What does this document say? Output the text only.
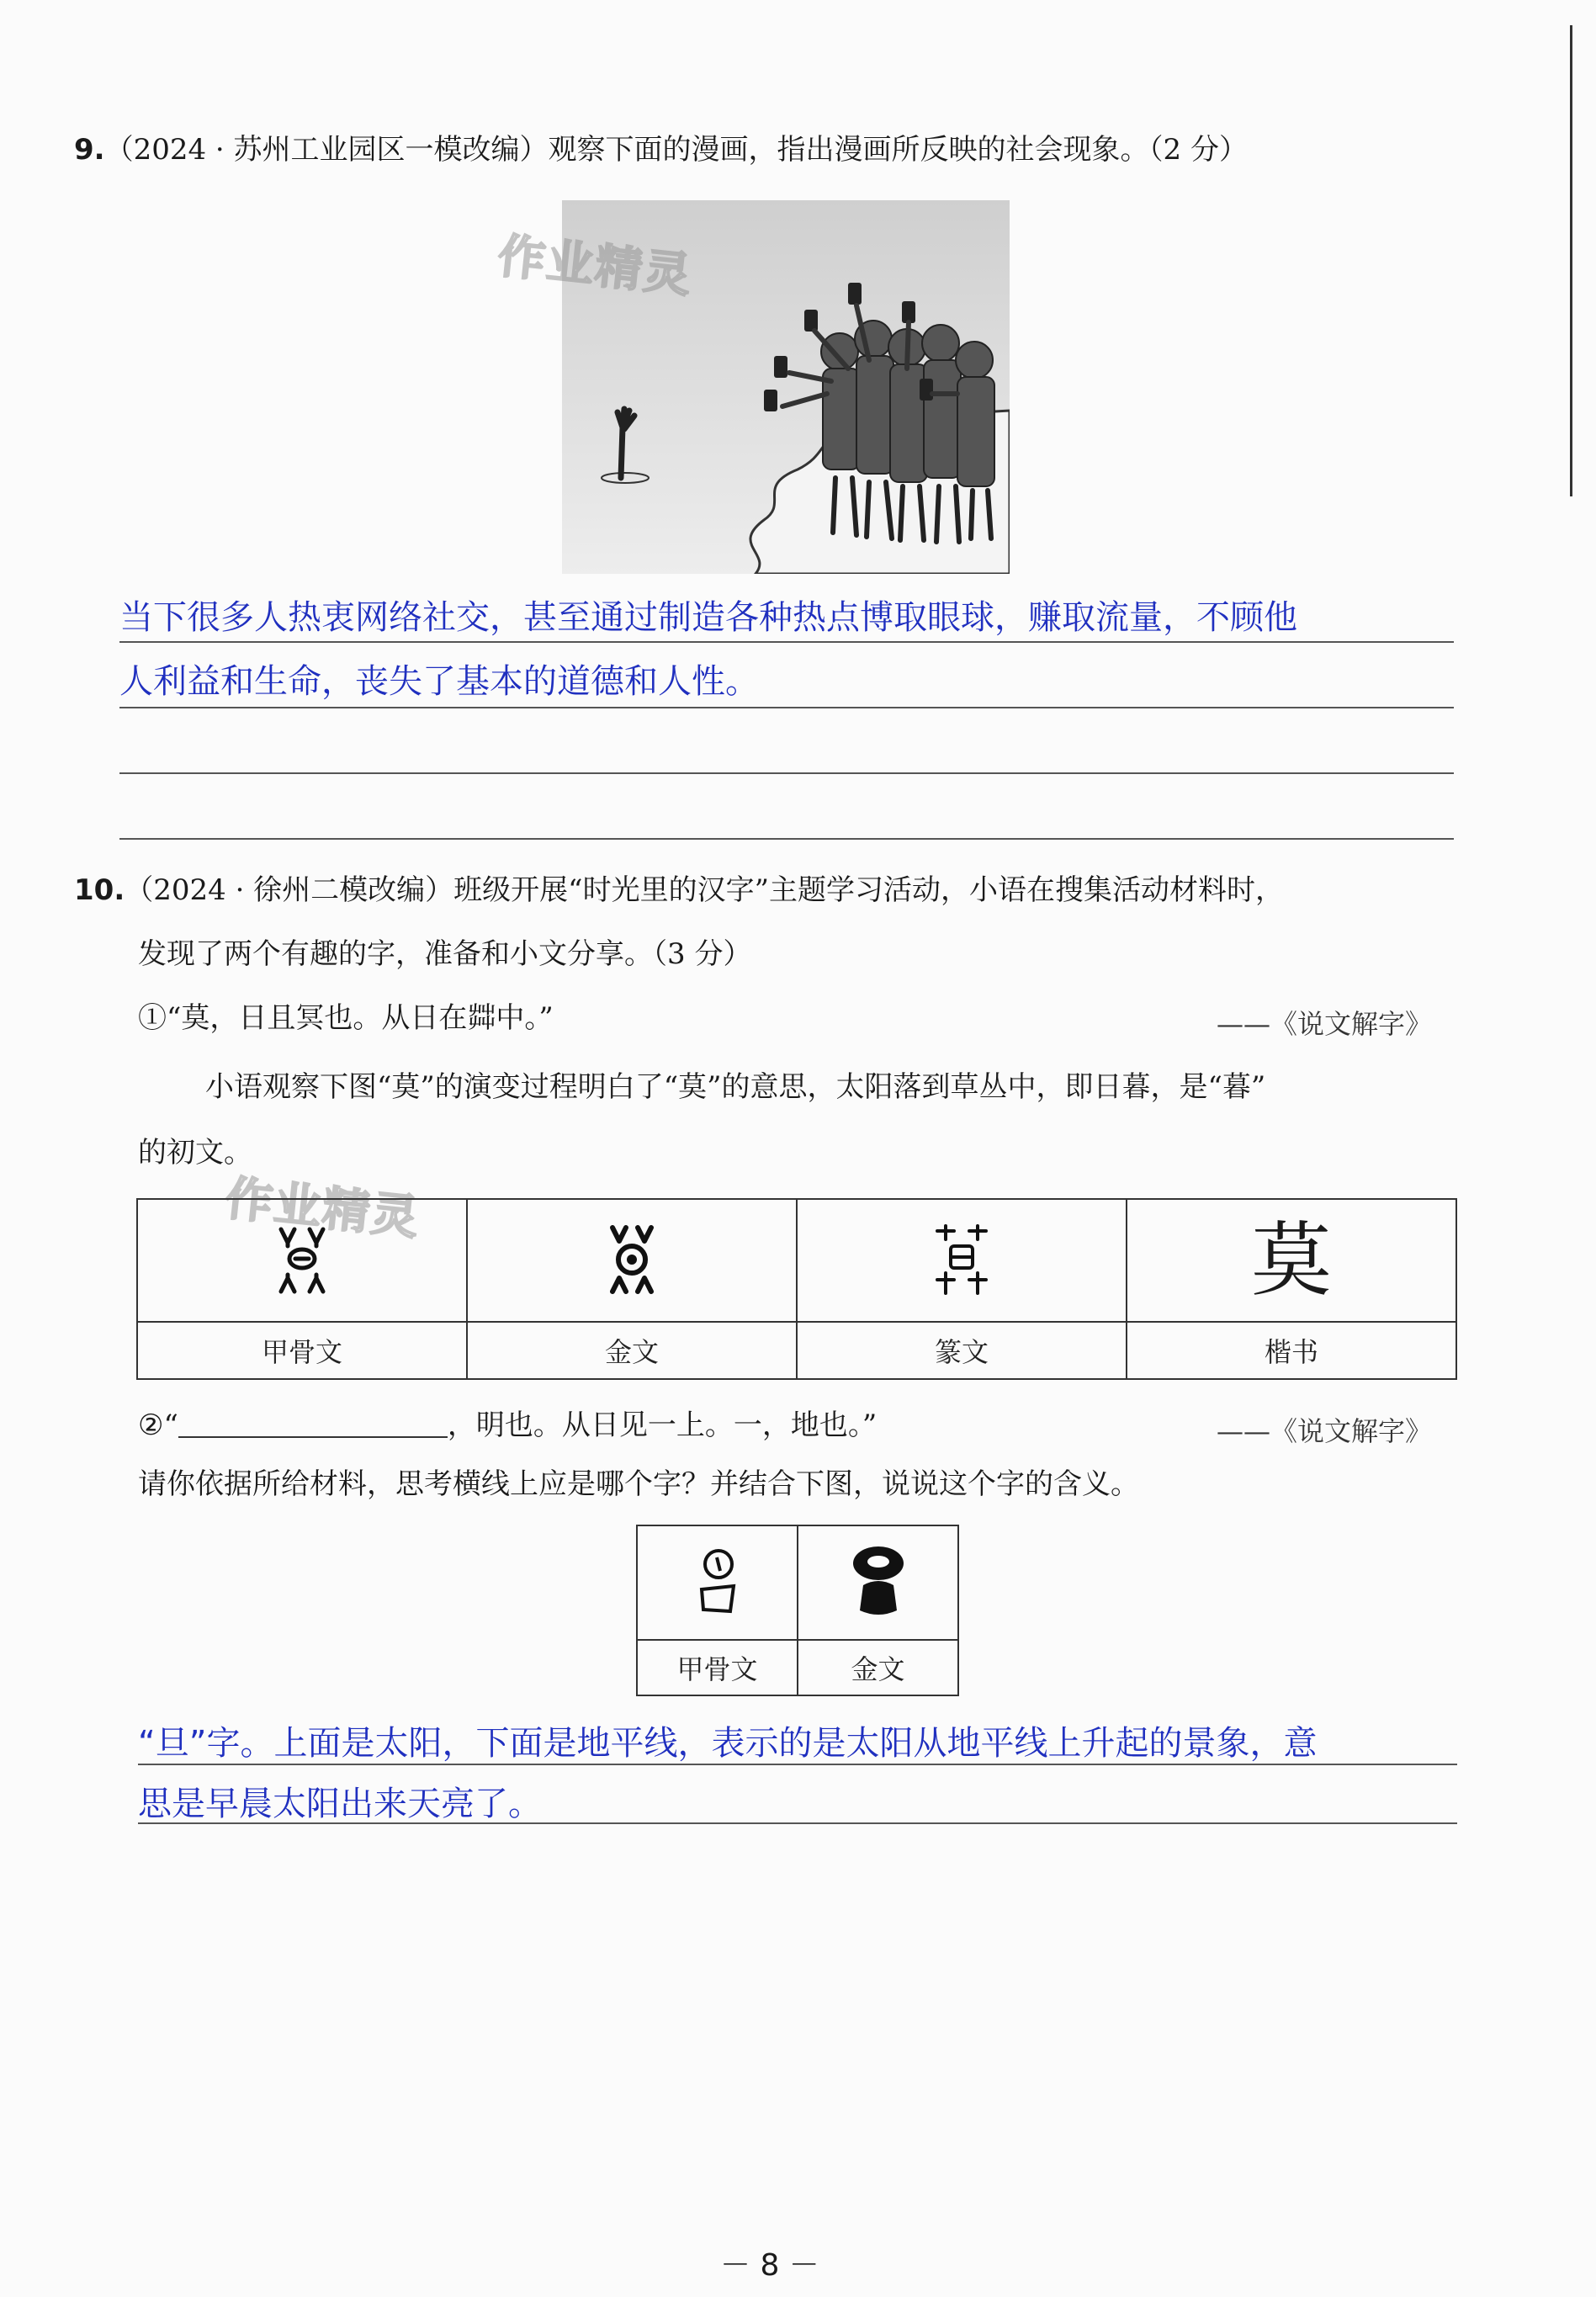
9.（2024 · 苏州工业园区一模改编）观察下面的漫画，指出漫画所反映的社会现象。（2 分）
作业精灵
当下很多人热衷网络社交，甚至通过制造各种热点博取眼球，赚取流量，不顾他
人利益和生命，丧失了基本的道德和人性。
10.（2024 · 徐州二模改编）班级开展“时光里的汉字”主题学习活动，小语在搜集活动材料时，
发现了两个有趣的字，准备和小文分享。（3 分）
①“莫，日且冥也。从日在茻中。”	——《说文解字》
小语观察下图“莫”的演变过程明白了“莫”的意思，太阳落到草丛中，即日暮，是“暮”
的初文。
作业精灵
			莫
甲骨文	金文	篆文	楷书
②“	，明也。从日见一上。一，地也。”	——《说文解字》
请你依据所给材料，思考横线上应是哪个字？并结合下图，说说这个字的含义。

甲骨文	金文
“旦”字。上面是太阳，下面是地平线，表示的是太阳从地平线上升起的景象，意
思是早晨太阳出来天亮了。
－ 8 －
